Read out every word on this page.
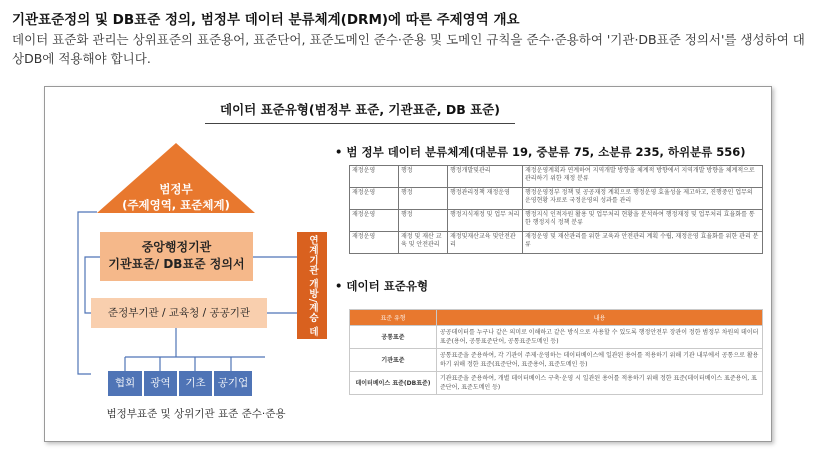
기관표준정의 및 DB표준 정의, 범정부 데이터 분류체계(DRM)에 따른 주제영역 개요
데이터 표준화 관리는 상위표준의 표준용어, 표준단어, 표준도메인 준수·준용 및 도메인 규칙을 준수·준용하여 '기관·DB표준 정의서'를 생성하여 대상DB에 적용해야 합니다.
데이터 표준유형(범정부 표준, 기관표준, DB 표준)
범정부
(주제영역, 표준체계)
중앙행정기관
기관표준/ DB표준 정의서
준정부기관 / 교육청 / 공공기관	연계기관 개방/계승 데이터
협회	광역	기초	공기업
범정부표준 및 상위기관 표준 준수·준용
• 범 정부 데이터 분류체계(대분류 19, 중분류 75, 소분류 235, 하위분류 556)
재정운영	행정	행정개발및관리	재정운영계획과 연계하여 지역개발 방향을 체계적 방향에서 지역개발 방향을 체계적으로 관리하기 위한 재정 분류
재정운영	행정	행정관리정책 재정운영	행정운영정부 정책 및 공공재정 계획으로 행정운영 효율성을 제고하고, 진행중인 업무의 운영현황 자료로 국정운영의 성과를 관리
재정운영	행정	행정지식재정 및 업무 처리	행정지식 인적자원 활용 및 업무처리 현황을 분석하여 행정재정 및 업무처리 효율화를 통한 행정지식 정책 분류
재정운영	재정 및 재산 교육 및 안전관리	재정및재산교육 및안전관리	재정운영 및 재산관리를 위한 교육과 안전관리 계획 수립, 재정운영 효율화를 위한 관리 분류
• 데이터 표준유형
표준 유형	내용
공통표준	공공데이터를 누구나 같은 의미로 이해하고 같은 방식으로 사용할 수 있도록 행정안전부 장관이 정한 범정부 차원의 데이터 표준(용어, 공통표준단어, 공통표준도메인 등)
기관표준	공통표준을 준용하여, 각 기관이 주제·운영하는 데이터베이스에 일관된 용어를 적용하기 위해 기관 내부에서 공통으로 활용하기 위해 정한 표준(표준단어, 표준용어, 표준도메인 등)
데이터베이스 표준(DB표준)	기관표준을 준용하여, 개별 데이터베이스 구축·운영 시 일관된 용어를 적용하기 위해 정한 표준(데이터베이스 표준용어, 표준단어, 표준도메인 등)
